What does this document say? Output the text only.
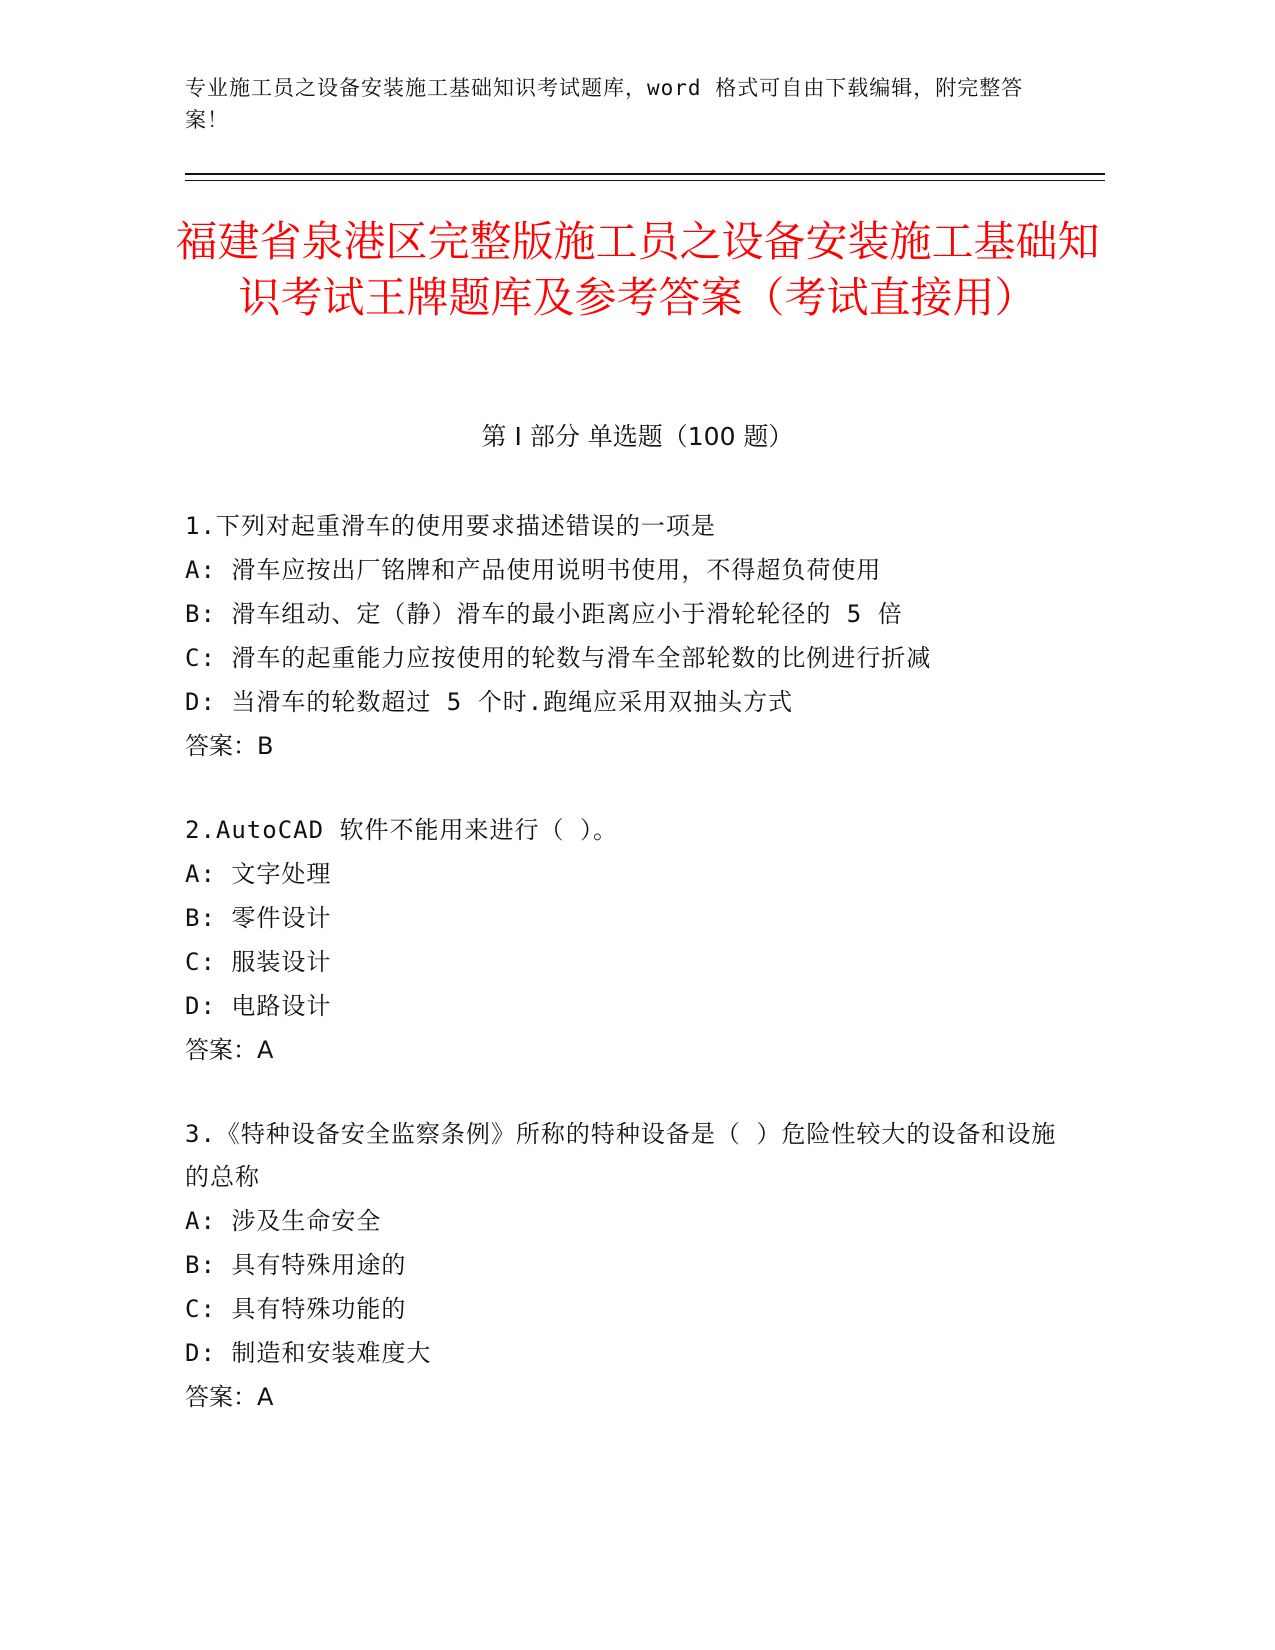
专业施工员之设备安装施工基础知识考试题库，word 格式可自由下载编辑，附完整答案！
福建省泉港区完整版施工员之设备安装施工基础知识考试王牌题库及参考答案（考试直接用）
第 I 部分 单选题（100 题）

1.下列对起重滑车的使用要求描述错误的一项是

A: 滑车应按出厂铭牌和产品使用说明书使用，不得超负荷使用

B: 滑车组动、定（静）滑车的最小距离应小于滑轮轮径的 5 倍

C: 滑车的起重能力应按使用的轮数与滑车全部轮数的比例进行折减

D: 当滑车的轮数超过 5 个时.跑绳应采用双抽头方式

答案：B

2.AutoCAD 软件不能用来进行（ ）。

A: 文字处理

B: 零件设计

C: 服装设计

D: 电路设计

答案：A

3.《特种设备安全监察条例》所称的特种设备是（ ）危险性较大的设备和设施的总称

A: 涉及生命安全

B: 具有特殊用途的

C: 具有特殊功能的

D: 制造和安装难度大

答案：A
